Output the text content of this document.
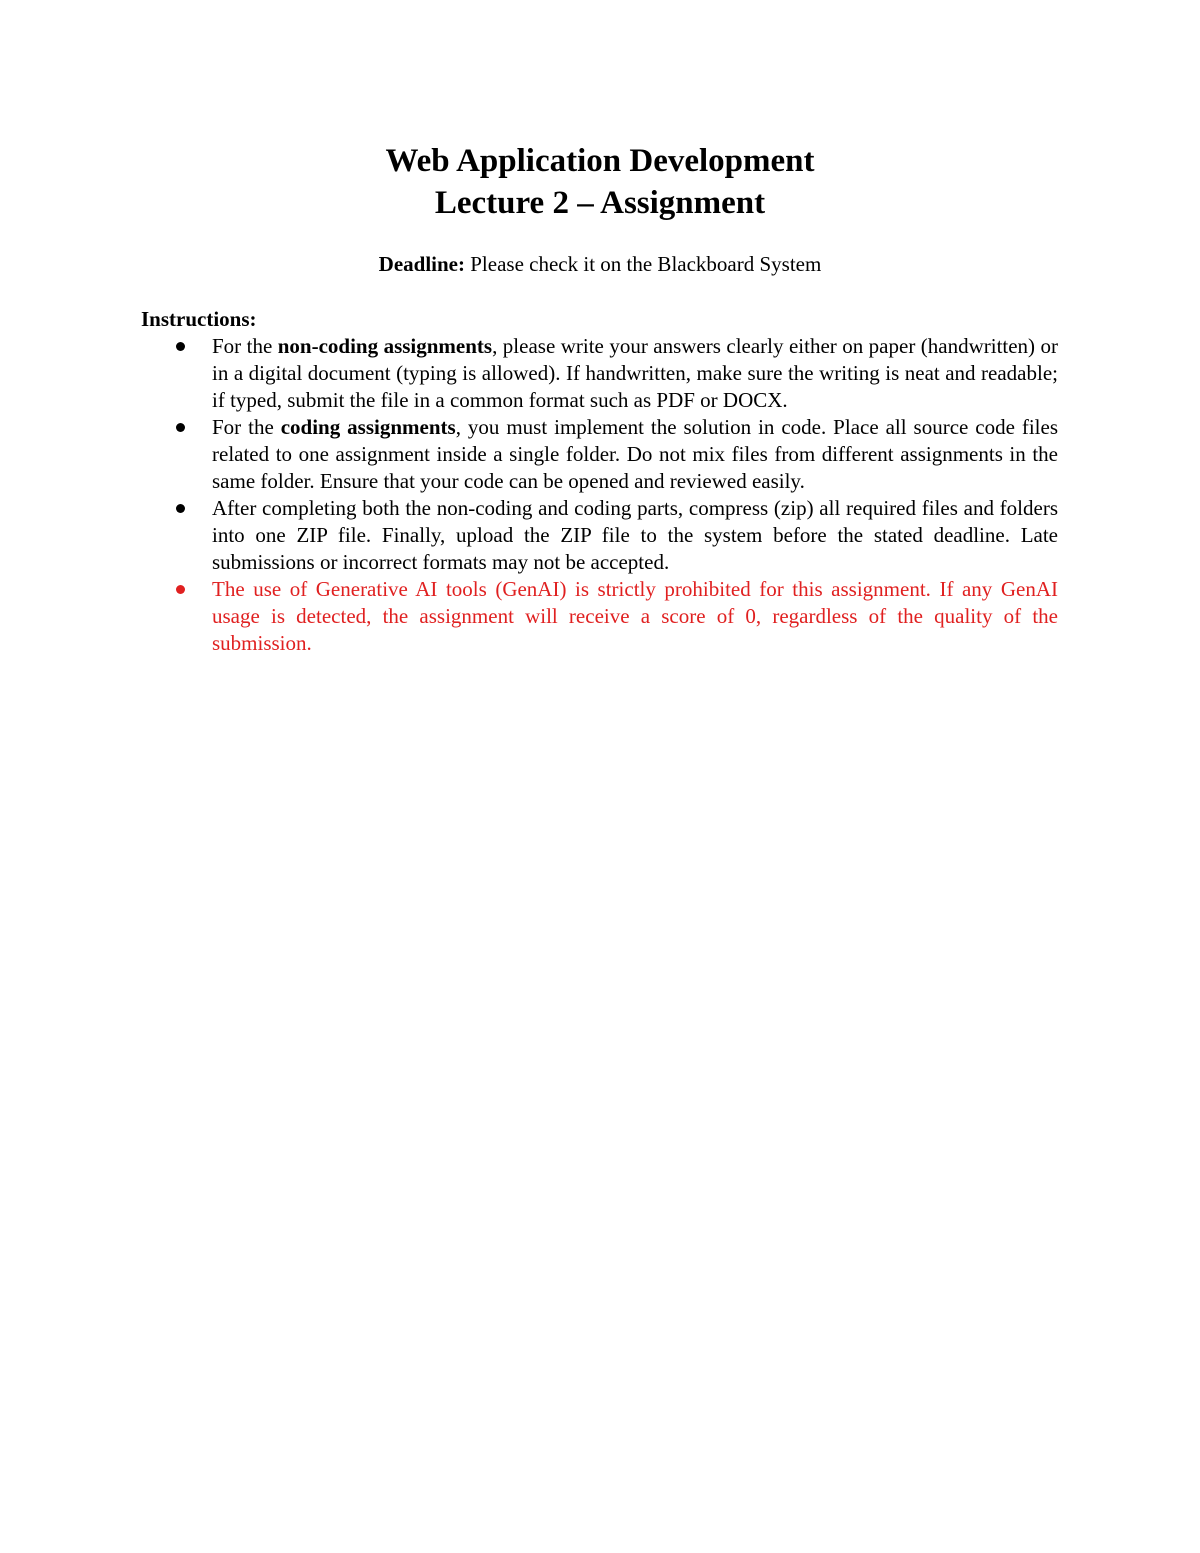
Web Application Development

Lecture 2 – Assignment

Deadline: Please check it on the Blackboard System
Instructions:
For the non-coding assignments, please write your answers clearly either on paper (handwritten) or in a digital document (typing is allowed). If handwritten, make sure the writing is neat and readable; if typed, submit the file in a common format such as PDF or DOCX.
For the coding assignments, you must implement the solution in code. Place all source code files related to one assignment inside a single folder. Do not mix files from different assignments in the same folder. Ensure that your code can be opened and reviewed easily.
After completing both the non-coding and coding parts, compress (zip) all required files and folders into one ZIP file. Finally, upload the ZIP file to the system before the stated deadline. Late submissions or incorrect formats may not be accepted.
The use of Generative AI tools (GenAI) is strictly prohibited for this assignment. If any GenAI usage is detected, the assignment will receive a score of 0, regardless of the quality of the submission.
